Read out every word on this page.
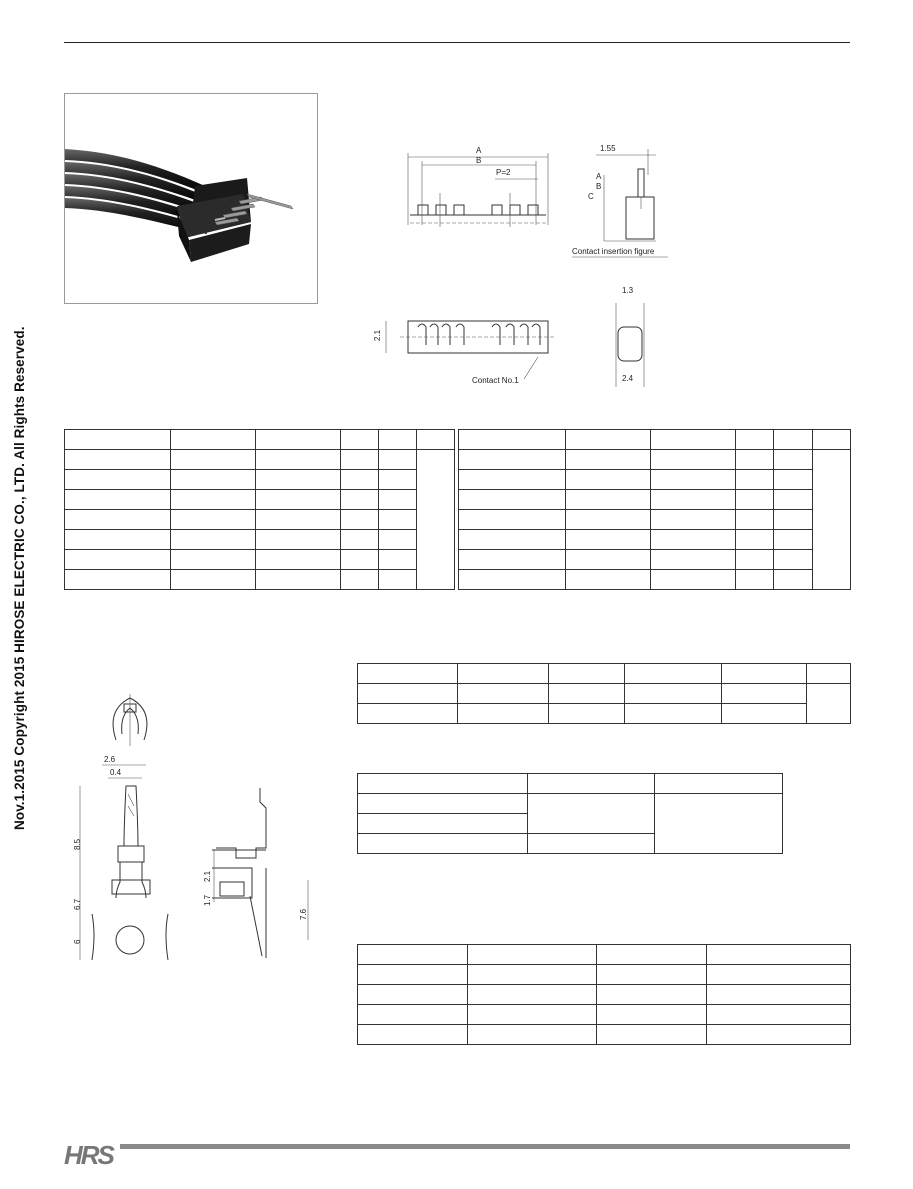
A
B
P=2
1.55
A
B
C
Contact insertion figure
2.1
Contact No.1
1.3
2.4

2.6
0.4
8.5
6.7
6
2.1
1.7
7.6

Nov.1.2015 Copyright 2015 HIROSE ELECTRIC CO., LTD. All Rights Reserved.
HRS
